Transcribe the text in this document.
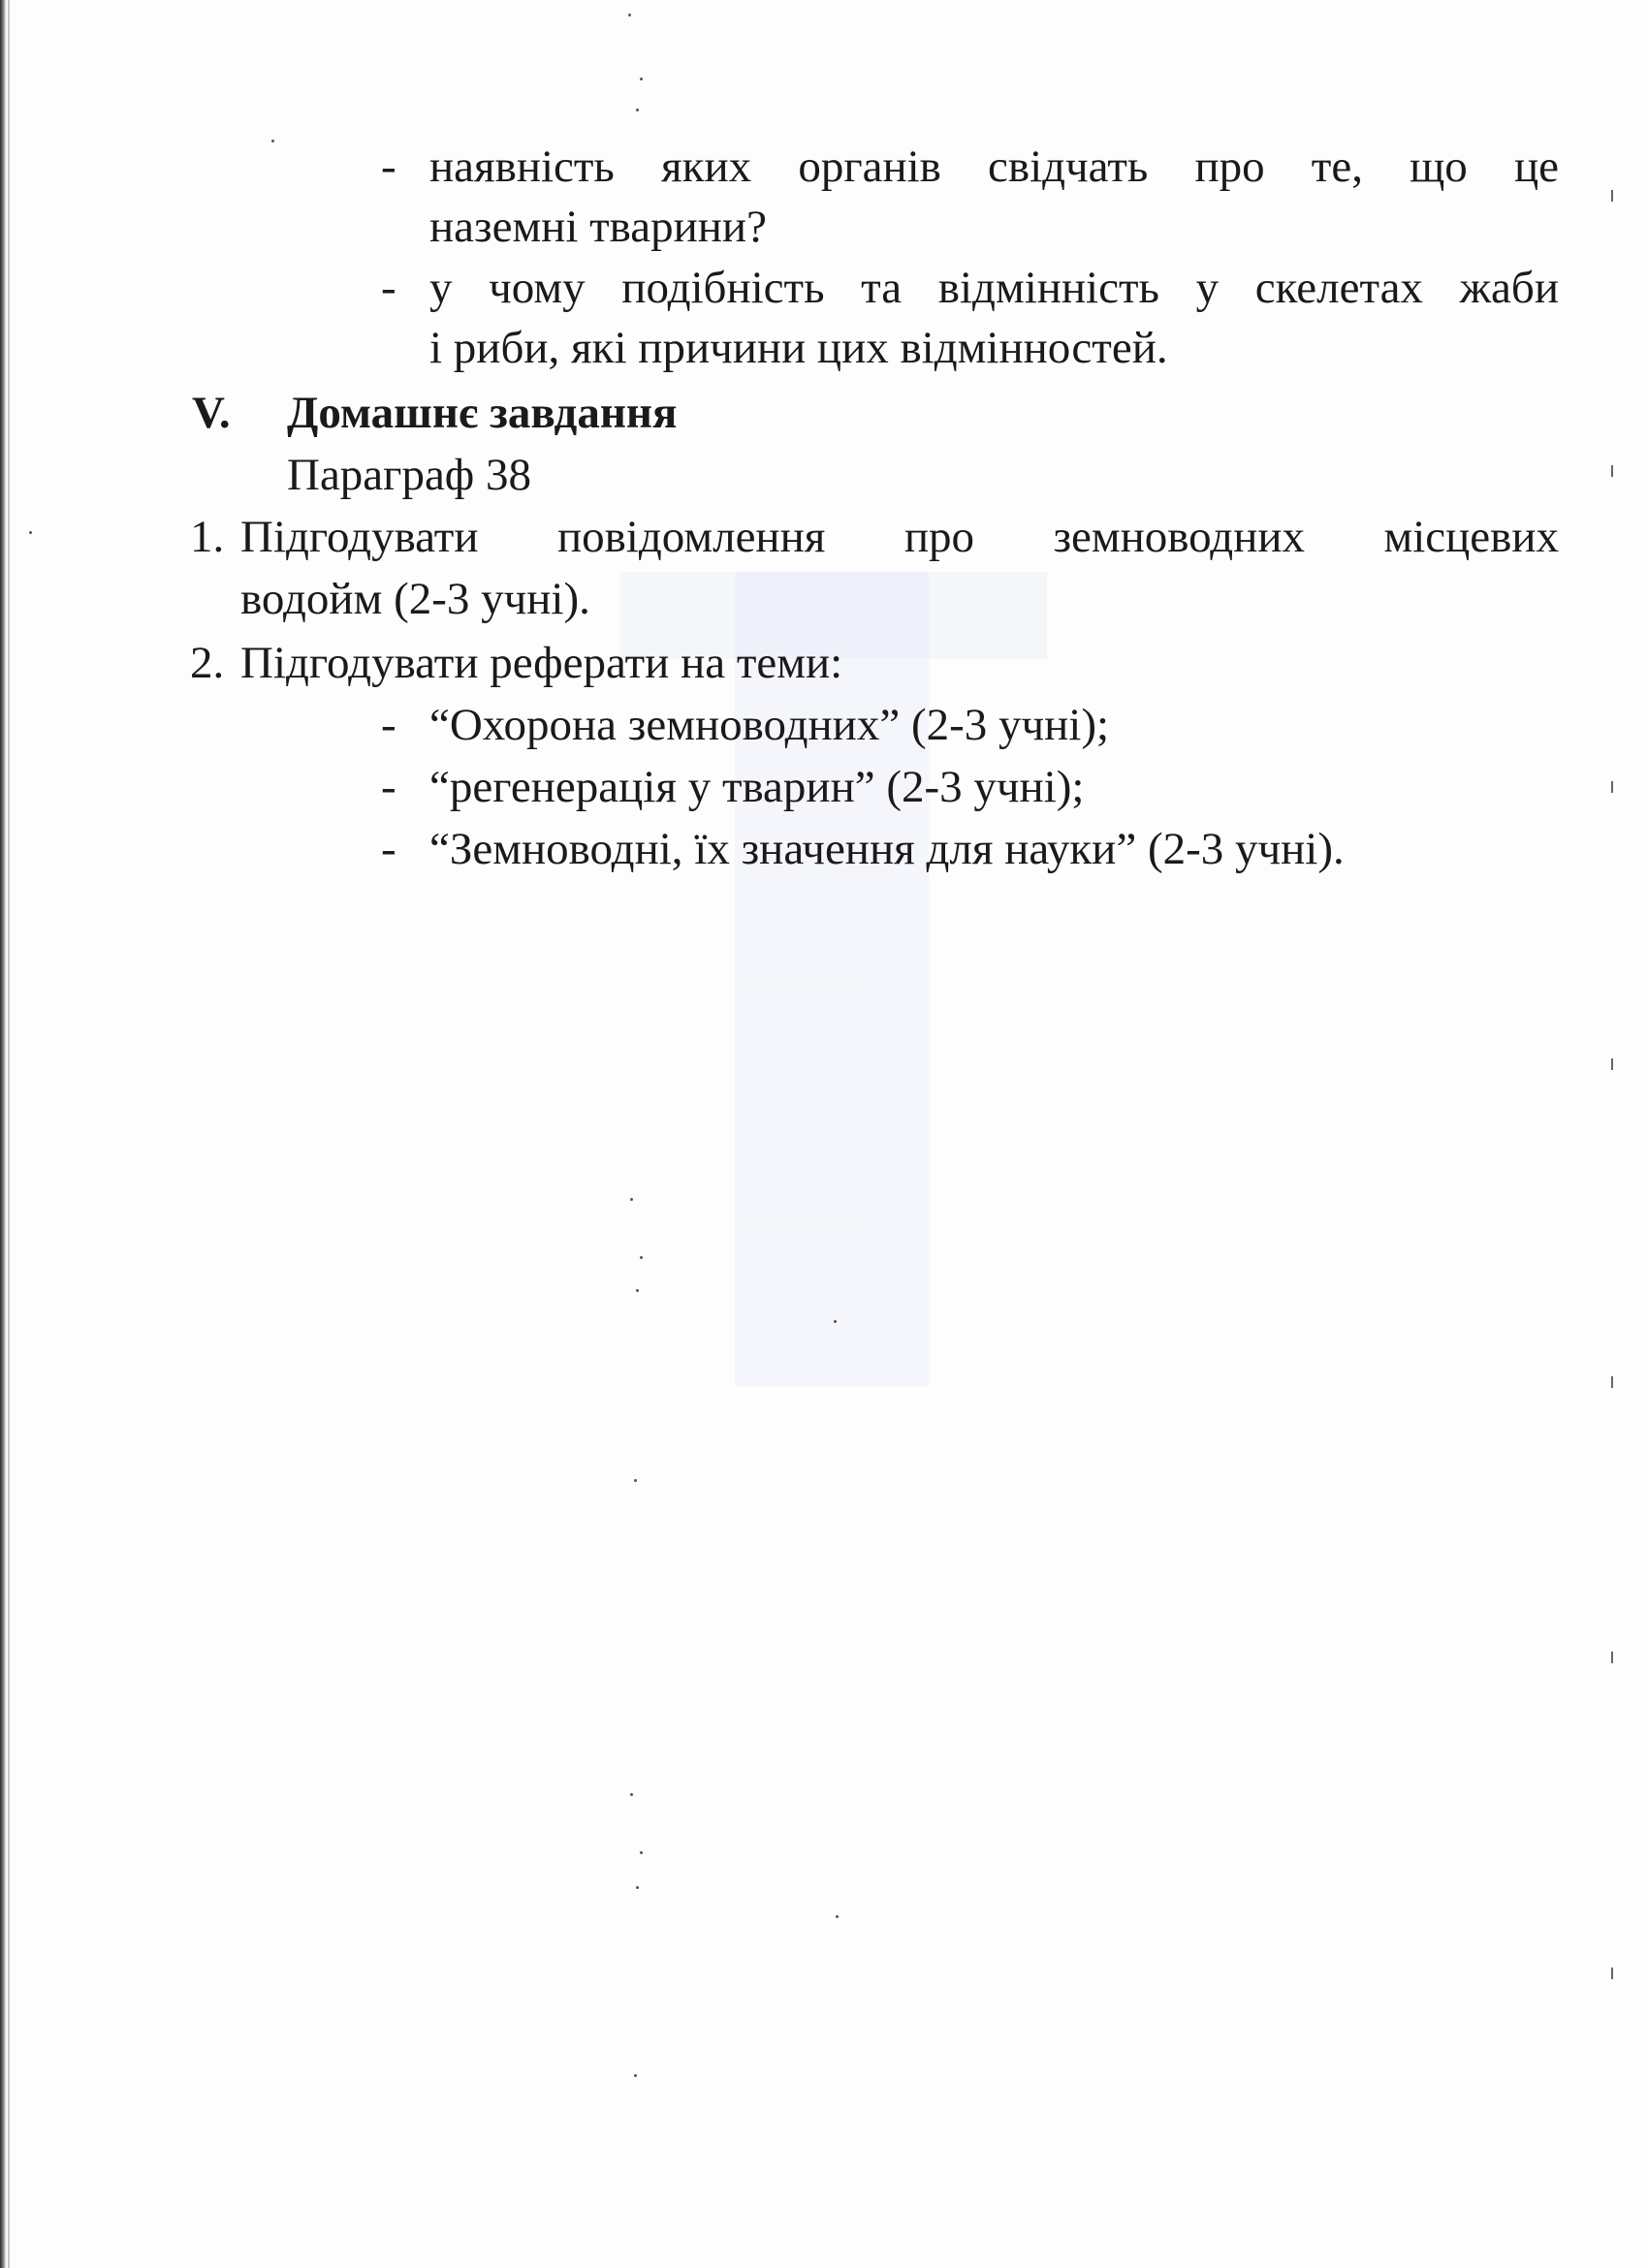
- наявність яких органів свідчать про те, що це
наземні тварини?
- у чому подібність та відмінність у скелетах жаби
і риби, які причини цих відмінностей.
V. Домашнє завдання
Параграф 38
1. Підгодувати повідомлення про земноводних місцевих
водойм (2-3 учні).
2. Підгодувати реферати на теми:
- “Охорона земноводних” (2-3 учні);
- “регенерація у тварин” (2-3 учні);
- “Земноводні, їх значення для науки” (2-3 учні).
